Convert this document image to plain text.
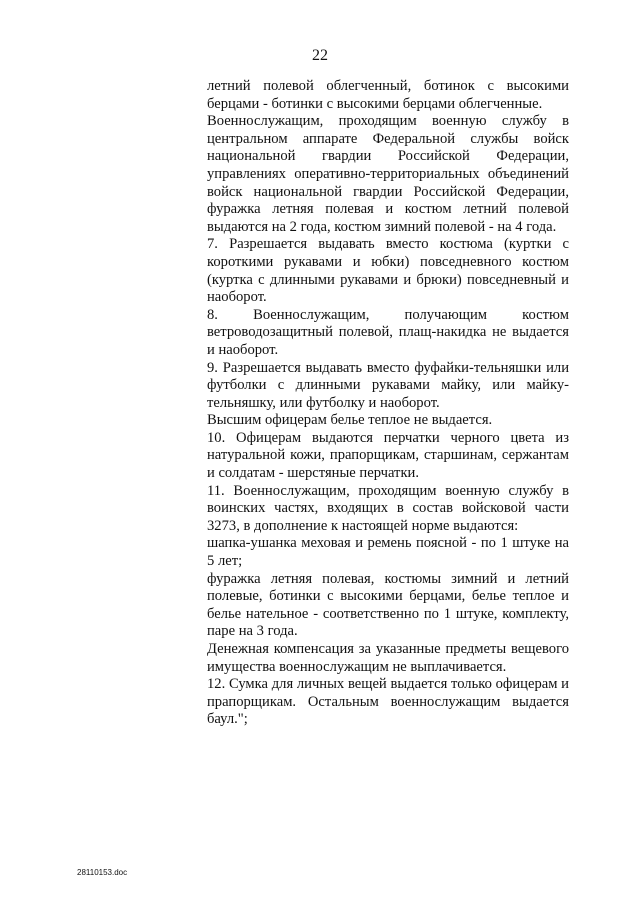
22

летний полевой облегченный, ботинок с высокими берцами - ботинки с высокими берцами облегченные.

Военнослужащим, проходящим военную службу в центральном аппарате Федеральной службы войск национальной гвардии Российской Федерации, управлениях оперативно-территориальных объединений войск национальной гвардии Российской Федерации, фуражка летняя полевая и костюм летний полевой выдаются на 2 года, костюм зимний полевой - на 4 года.

7. Разрешается выдавать вместо костюма (куртки с короткими рукавами и юбки) повседневного костюм (куртка с длинными рукавами и брюки) повседневный и наоборот.

8. Военнослужащим, получающим костюм ветроводозащитный полевой, плащ-накидка не выдается и наоборот.

9. Разрешается выдавать вместо фуфайки-тельняшки или футболки с длинными рукавами майку, или майку-тельняшку, или футболку и наоборот.

Высшим офицерам белье теплое не выдается.

10. Офицерам выдаются перчатки черного цвета из натуральной кожи, прапорщикам, старшинам, сержантам и солдатам - шерстяные перчатки.

11. Военнослужащим, проходящим военную службу в воинских частях, входящих в состав войсковой части 3273, в дополнение к настоящей норме выдаются:

шапка-ушанка меховая и ремень поясной - по 1 штуке на 5 лет;

фуражка летняя полевая, костюмы зимний и летний полевые, ботинки с высокими берцами, белье теплое и белье нательное - соответственно по 1 штуке, комплекту, паре на 3 года.

Денежная компенсация за указанные предметы вещевого имущества военнослужащим не выплачивается.

12. Сумка для личных вещей выдается только офицерам и прапорщикам. Остальным военнослужащим выдается баул.";

28110153.doc
